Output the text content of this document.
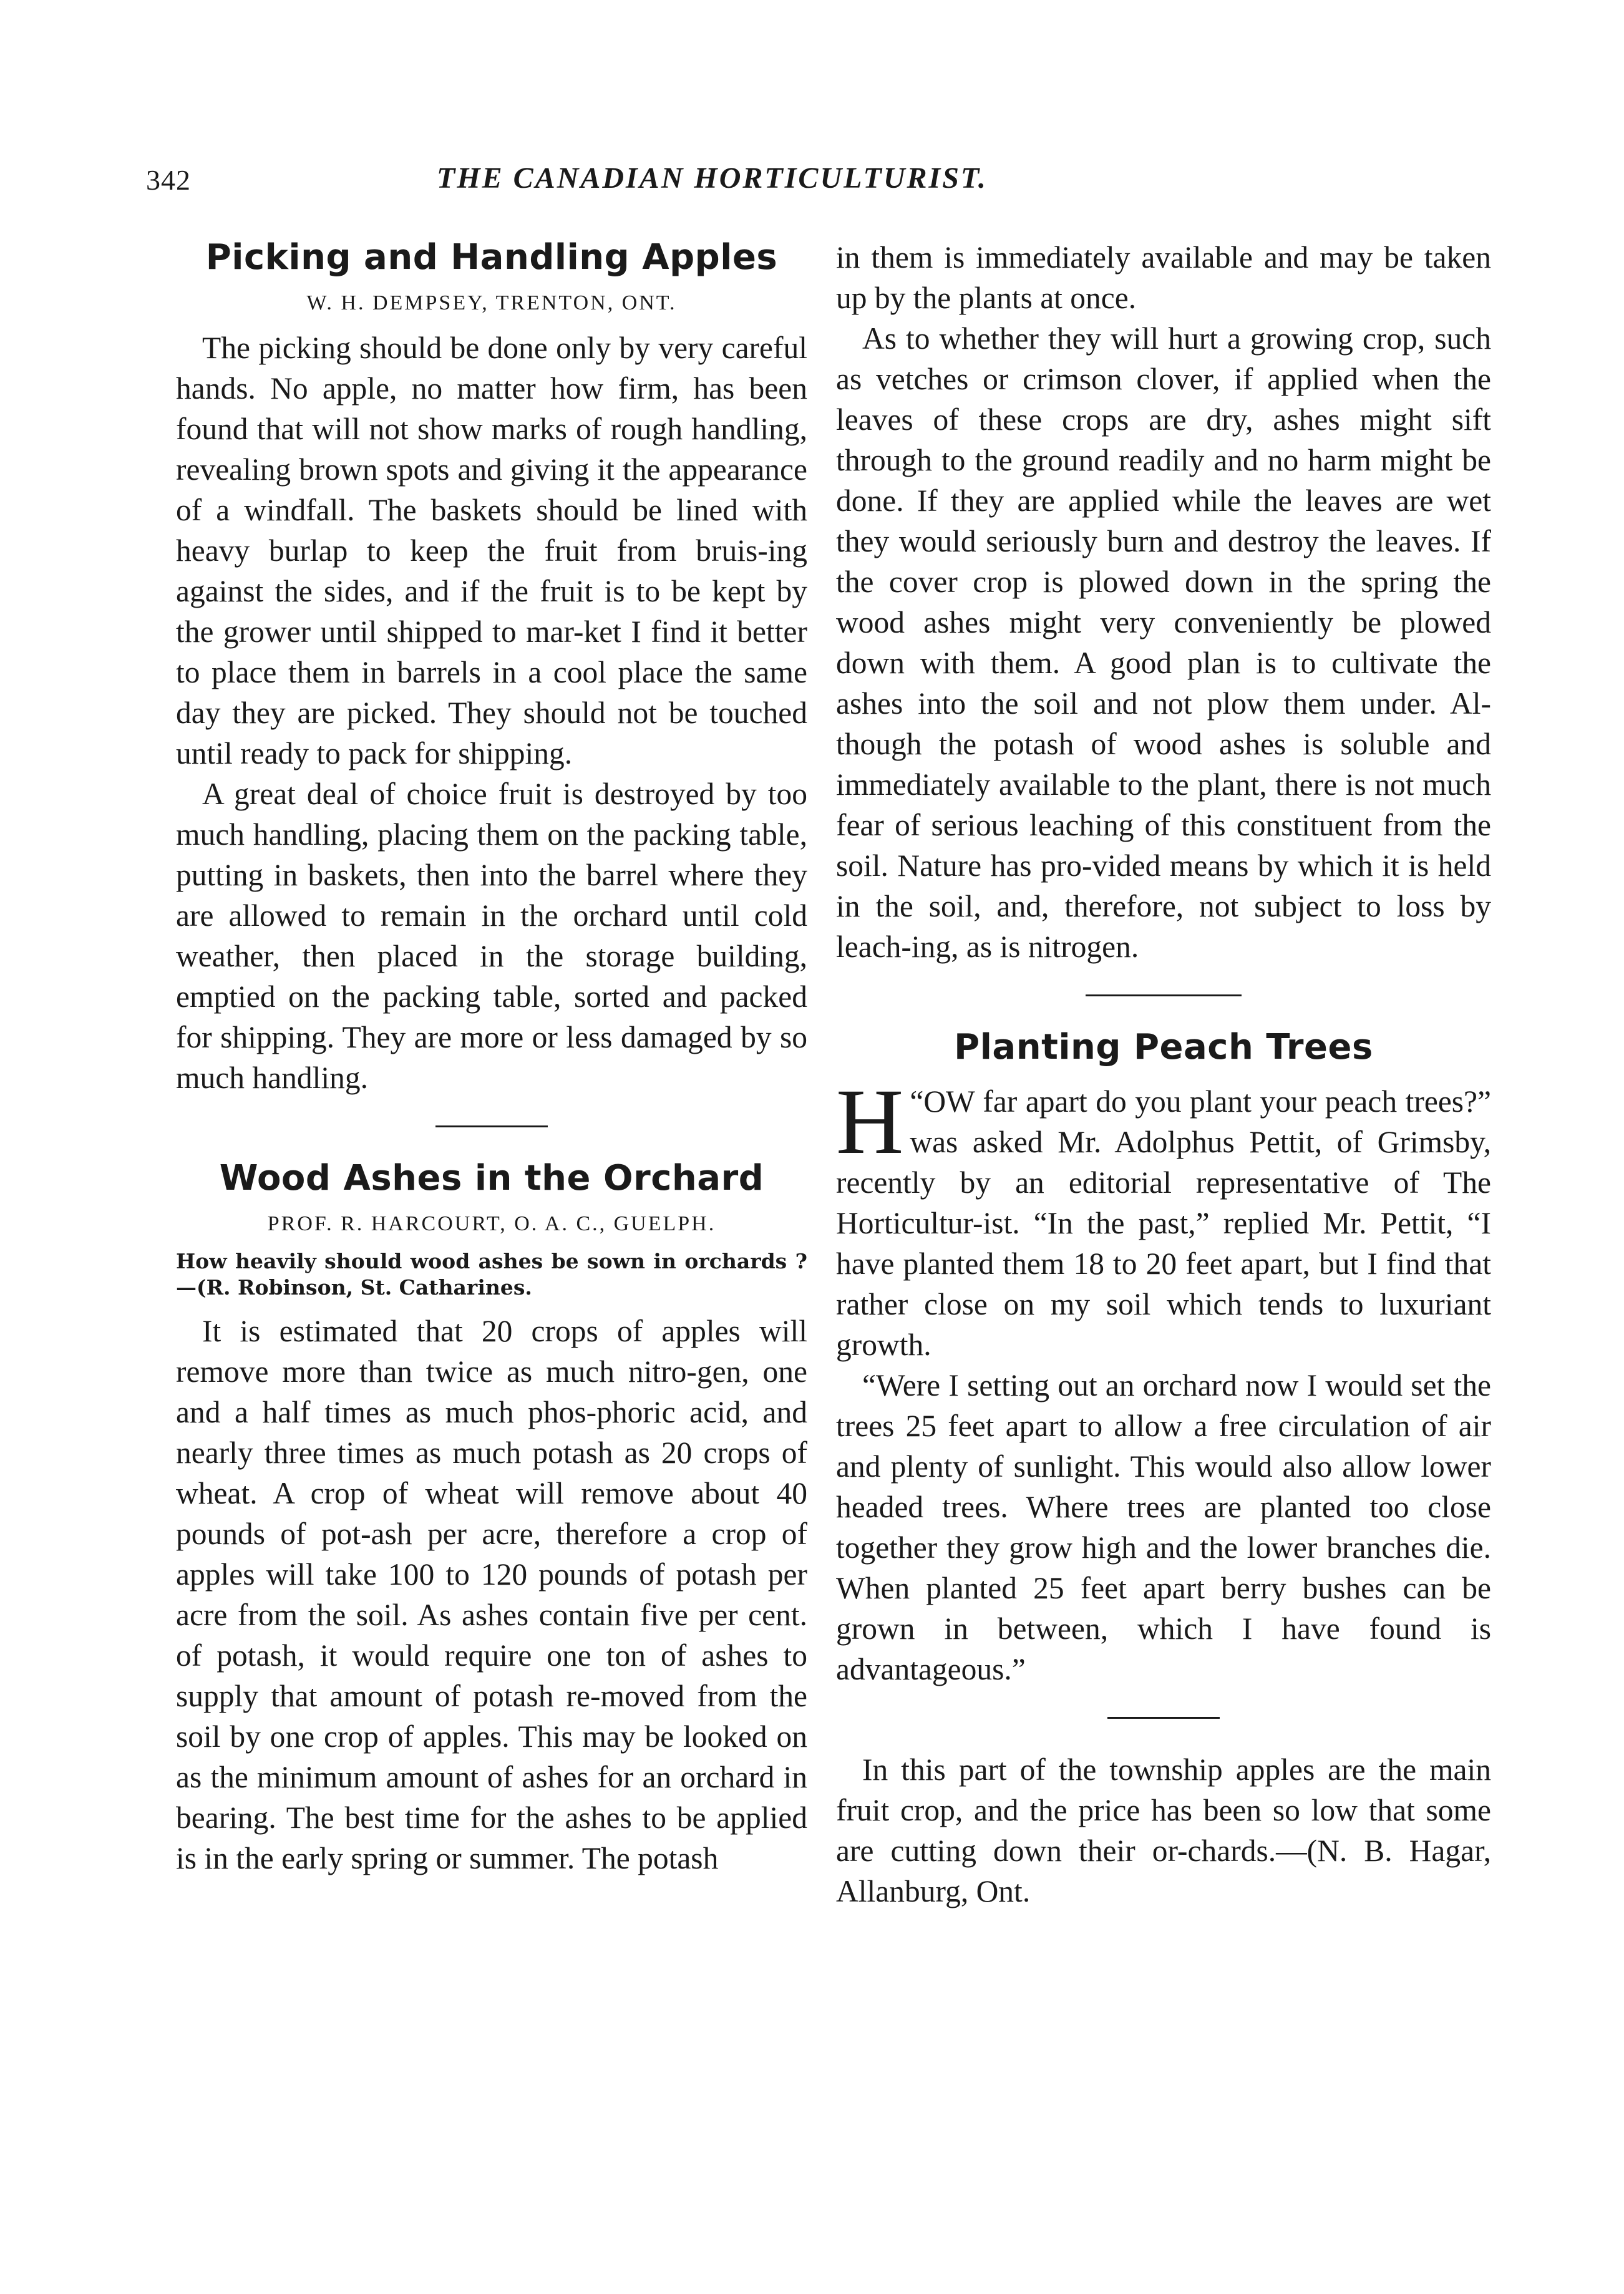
342	THE CANADIAN HORTICULTURIST.
Picking and Handling Apples
W. H. DEMPSEY, TRENTON, ONT.

The picking should be done only by very careful hands. No apple, no matter how firm, has been found that will not show marks of rough handling, revealing brown spots and giving it the appearance of a windfall. The baskets should be lined with heavy burlap to keep the fruit from bruis-ing against the sides, and if the fruit is to be kept by the grower until shipped to mar-ket I find it better to place them in barrels in a cool place the same day they are picked. They should not be touched until ready to pack for shipping.

A great deal of choice fruit is destroyed by too much handling, placing them on the packing table, putting in baskets, then into the barrel where they are allowed to remain in the orchard until cold weather, then placed in the storage building, emptied on the packing table, sorted and packed for shipping. They are more or less damaged by so much handling.

Wood Ashes in the Orchard
PROF. R. HARCOURT, O. A. C., GUELPH.
How heavily should wood ashes be sown in orchards ?—(R. Robinson, St. Catharines.

It is estimated that 20 crops of apples will remove more than twice as much nitro-gen, one and a half times as much phos-phoric acid, and nearly three times as much potash as 20 crops of wheat. A crop of wheat will remove about 40 pounds of pot-ash per acre, therefore a crop of apples will take 100 to 120 pounds of potash per acre from the soil. As ashes contain five per cent. of potash, it would require one ton of ashes to supply that amount of potash re-moved from the soil by one crop of apples. This may be looked on as the minimum amount of ashes for an orchard in bearing. The best time for the ashes to be applied is in the early spring or summer. The potash

in them is immediately available and may be taken up by the plants at once.

As to whether they will hurt a growing crop, such as vetches or crimson clover, if applied when the leaves of these crops are dry, ashes might sift through to the ground readily and no harm might be done. If they are applied while the leaves are wet they would seriously burn and destroy the leaves. If the cover crop is plowed down in the spring the wood ashes might very conveniently be plowed down with them. A good plan is to cultivate the ashes into the soil and not plow them under. Al-though the potash of wood ashes is soluble and immediately available to the plant, there is not much fear of serious leaching of this constituent from the soil. Nature has pro-vided means by which it is held in the soil, and, therefore, not subject to loss by leach-ing, as is nitrogen.

Planting Peach Trees

“
H OW far apart do you plant your peach trees?” was asked Mr. Adolphus Pettit, of Grimsby, recently by an editorial representative of The Horticultur-ist. “In the past,” replied Mr. Pettit, “I have planted them 18 to 20 feet apart, but I find that rather close on my soil which tends to luxuriant growth.

“Were I setting out an orchard now I would set the trees 25 feet apart to allow a free circulation of air and plenty of sunlight. This would also allow lower headed trees. Where trees are planted too close together they grow high and the lower branches die. When planted 25 feet apart berry bushes can be grown in between, which I have found is advantageous.”

In this part of the township apples are the main fruit crop, and the price has been so low that some are cutting down their or-chards.—(N. B. Hagar, Allanburg, Ont.
